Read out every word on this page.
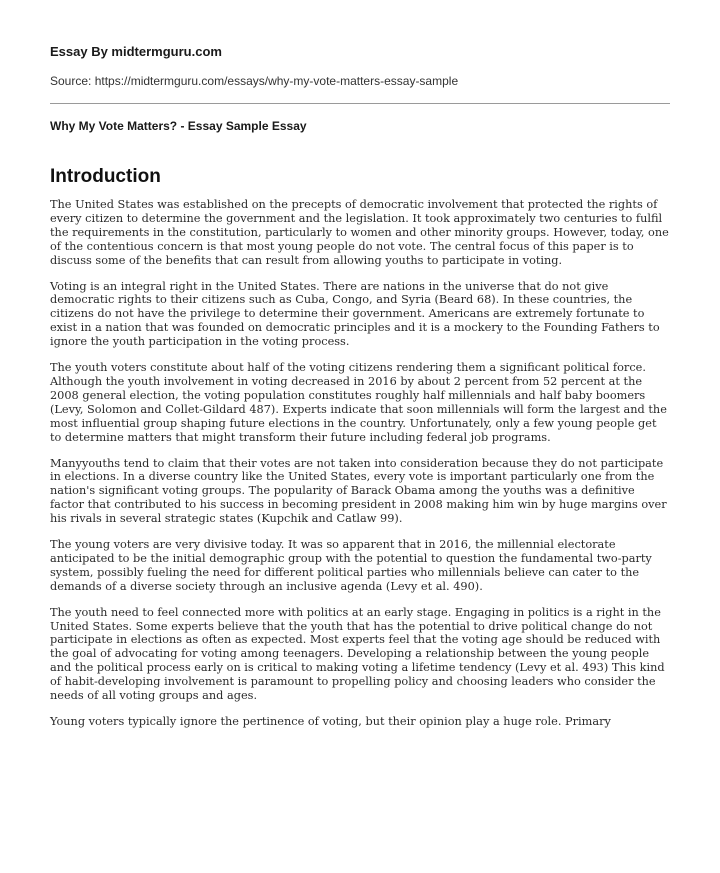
Essay By midtermguru.com
Source: https://midtermguru.com/essays/why-my-vote-matters-essay-sample
Why My Vote Matters? - Essay Sample Essay
Introduction

The United States was established on the precepts of democratic involvement that protected the rights of every citizen to determine the government and the legislation. It took approximately two centuries to fulfil the requirements in the constitution, particularly to women and other minority groups. However, today, one of the contentious concern is that most young people do not vote. The central focus of this paper is to discuss some of the benefits that can result from allowing youths to participate in voting.

Voting is an integral right in the United States. There are nations in the universe that do not give democratic rights to their citizens such as Cuba, Congo, and Syria (Beard 68). In these countries, the citizens do not have the privilege to determine their government. Americans are extremely fortunate to exist in a nation that was founded on democratic principles and it is a mockery to the Founding Fathers to ignore the youth participation in the voting process.

The youth voters constitute about half of the voting citizens rendering them a significant political force. Although the youth involvement in voting decreased in 2016 by about 2 percent from 52 percent at the 2008 general election, the voting population constitutes roughly half millennials and half baby boomers (Levy, Solomon and Collet-Gildard 487). Experts indicate that soon millennials will form the largest and the most influential group shaping future elections in the country. Unfortunately, only a few young people get to determine matters that might transform their future including federal job programs.

Manyyouths tend to claim that their votes are not taken into consideration because they do not participate in elections. In a diverse country like the United States, every vote is important particularly one from the nation's significant voting groups. The popularity of Barack Obama among the youths was a definitive factor that contributed to his success in becoming president in 2008 making him win by huge margins over his rivals in several strategic states (Kupchik and Catlaw 99).

The young voters are very divisive today. It was so apparent that in 2016, the millennial electorate anticipated to be the initial demographic group with the potential to question the fundamental two-party system, possibly fueling the need for different political parties who millennials believe can cater to the demands of a diverse society through an inclusive agenda (Levy et al. 490).

The youth need to feel connected more with politics at an early stage. Engaging in politics is a right in the United States. Some experts believe that the youth that has the potential to drive political change do not participate in elections as often as expected. Most experts feel that the voting age should be reduced with the goal of advocating for voting among teenagers. Developing a relationship between the young people and the political process early on is critical to making voting a lifetime tendency (Levy et al. 493) This kind of habit-developing involvement is paramount to propelling policy and choosing leaders who consider the needs of all voting groups and ages.

Young voters typically ignore the pertinence of voting, but their opinion play a huge role. Primary
